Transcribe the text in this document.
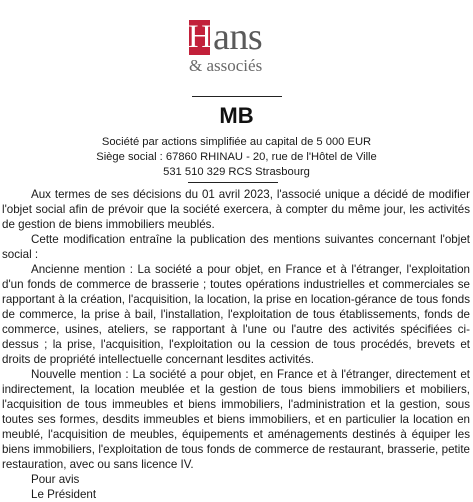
H ans
& associés
MB
Société par actions simplifiée au capital de 5 000 EUR
Siège social : 67860 RHINAU - 20, rue de l'Hôtel de Ville
531 510 329 RCS Strasbourg

Aux termes de ses décisions du 01 avril 2023, l'associé unique a décidé de modifier l'objet social afin de prévoir que la société exercera, à compter du même jour, les activités de gestion de biens immobiliers meublés.

Cette modification entraîne la publication des mentions suivantes concernant l'objet social :

Ancienne mention : La société a pour objet, en France et à l'étranger, l'exploitation d'un fonds de commerce de brasserie ; toutes opérations industrielles et commerciales se rapportant à la création, l'acquisition, la location, la prise en location-gérance de tous fonds de commerce, la prise à bail, l'installation, l'exploitation de tous établissements, fonds de commerce, usines, ateliers, se rapportant à l'une ou l'autre des activités spécifiées ci-dessus ; la prise, l'acquisition, l'exploitation ou la cession de tous procédés, brevets et droits de propriété intellectuelle concernant lesdites activités.

Nouvelle mention : La société a pour objet, en France et à l'étranger, directement et indirectement, la location meublée et la gestion de tous biens immobiliers et mobiliers, l'acquisition de tous immeubles et biens immobiliers, l'administration et la gestion, sous toutes ses formes, desdits immeubles et biens immobiliers, et en particulier la location en meublé, l'acquisition de meubles, équipements et aménagements destinés à équiper les biens immobiliers, l'exploitation de tous fonds de commerce de restaurant, brasserie, petite restauration, avec ou sans licence IV.

Pour avis
Le Président
